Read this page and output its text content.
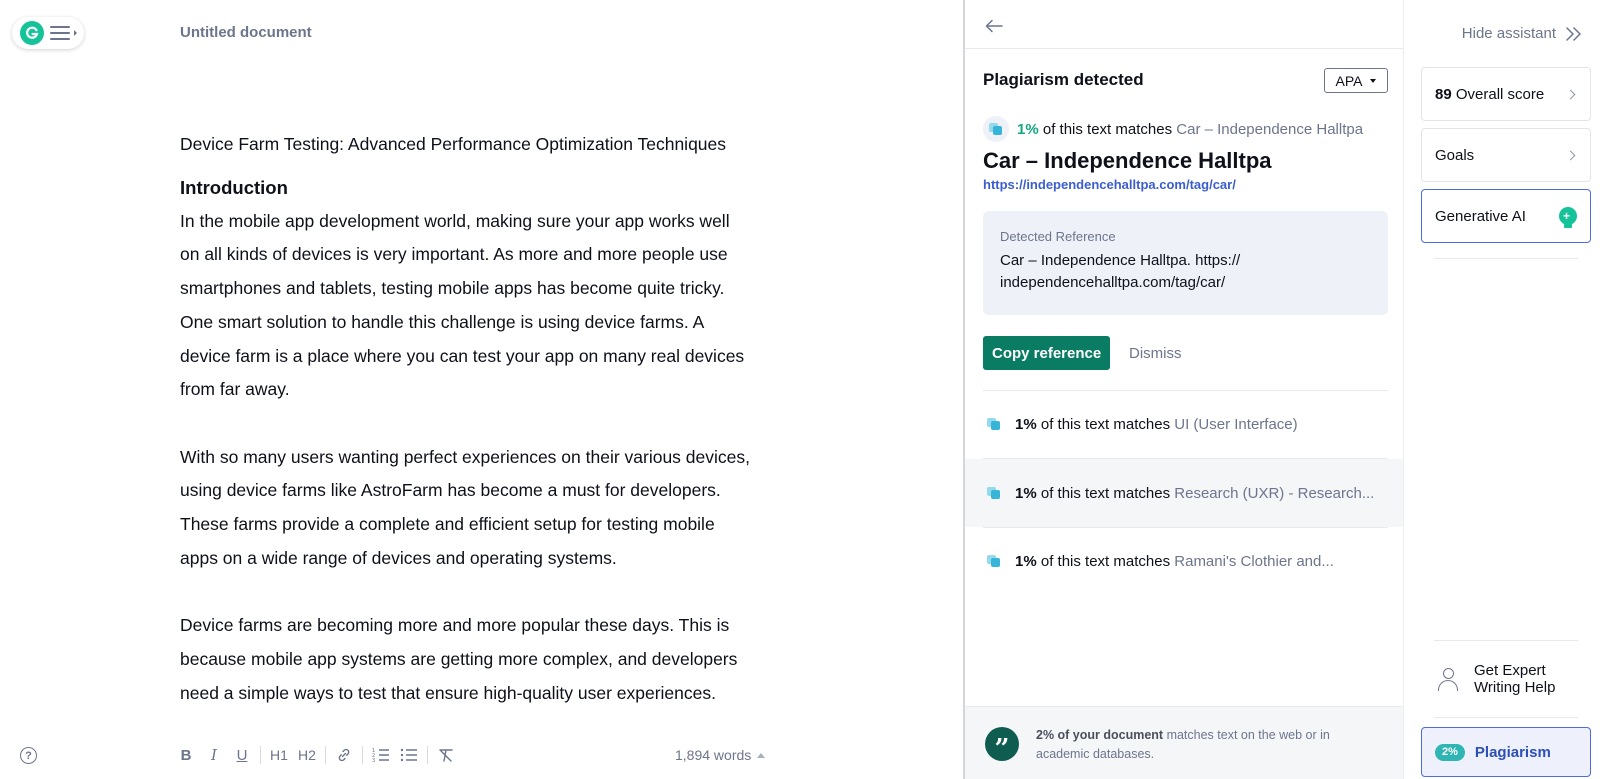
Untitled document
Device Farm Testing: Advanced Performance Optimization Techniques
Introduction

In the mobile app development world, making sure your app works well
on all kinds of devices is very important. As more and more people use
smartphones and tablets, testing mobile apps has become quite tricky.
One smart solution to handle this challenge is using device farms. A
device farm is a place where you can test your app on many real devices
from far away.

With so many users wanting perfect experiences on their various devices,
using device farms like AstroFarm has become a must for developers.
These farms provide a complete and efficient setup for testing mobile
apps on a wide range of devices and operating systems.

Device farms are becoming more and more popular these days. This is
because mobile app systems are getting more complex, and developers
need a simple ways to test that ensure high-quality user experiences.

?	B	I	U	H1 H2	1
2
3	1,894 words
Plagiarism detected	APA
1% of this text matches Car – Independence Halltpa
Car – Independence Halltpa
https://independencehalltpa.com/tag/car/
Detected Reference
Car – Independence Halltpa. https://
independencehalltpa.com/tag/car/
Copy reference	Dismiss
1% of this text matches UI (User Interface)
1% of this text matches Research (UXR) - Research...
1% of this text matches Ramani's Clothier and...
”	2% of your document matches text on the web or in academic databases.
Hide assistant
89 Overall score
Goals
Generative AI	+
Get Expert
Writing Help
2%	Plagiarism
